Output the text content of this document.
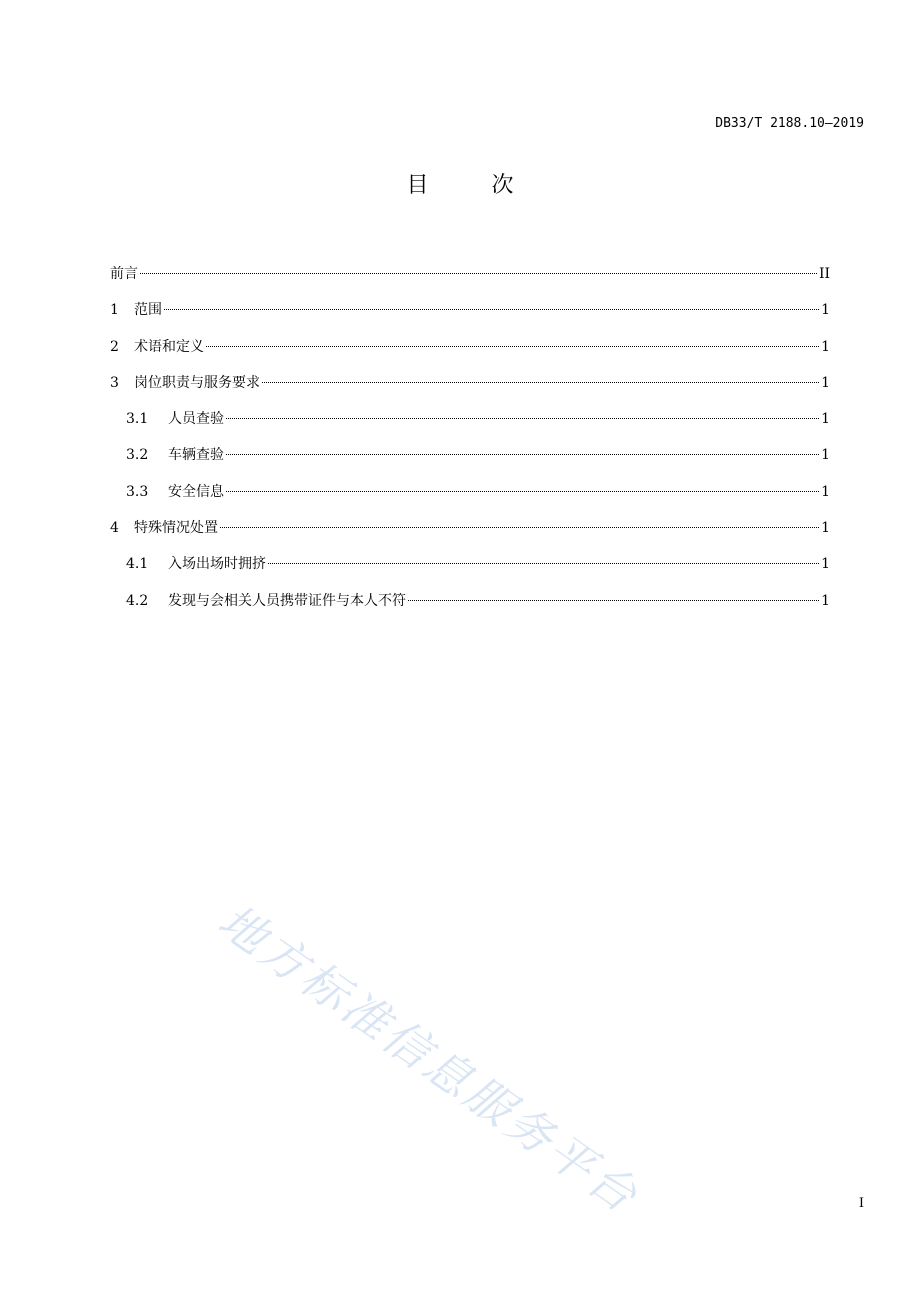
DB33/T 2188.10—2019
目 次
前言	II
1	范围	1
2	术语和定义	1
3	岗位职责与服务要求	1
3.1	人员查验	1
3.2	车辆查验	1
3.3	安全信息	1
4	特殊情况处置	1
4.1	入场出场时拥挤	1
4.2	发现与会相关人员携带证件与本人不符	1
地方标准信息服务平台	I
